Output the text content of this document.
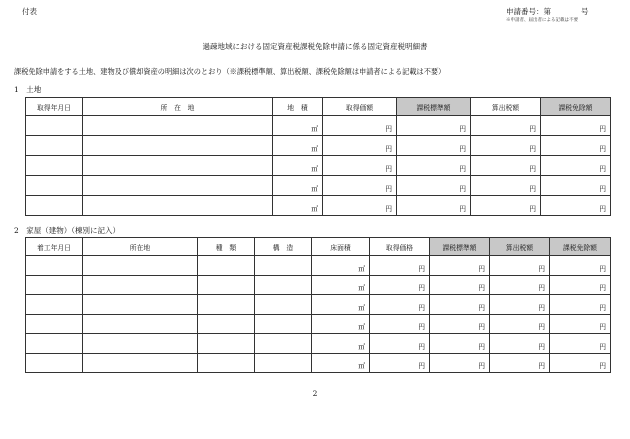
付表	申請番号：第　　　　号
※申請者、届出者による記載は不要
過疎地域における固定資産税課税免除申請に係る固定資産税明細書
課税免除申請をする土地、建物及び償却資産の明細は次のとおり（※課税標準額、算出税額、課税免除額は申請者による記載は不要）
1　土地
取得年月日	所　在　地	地　積	取得価額	課税標準額	算出税額	課税免除額
		㎡	円	円	円	円
		㎡	円	円	円	円
		㎡	円	円	円	円
		㎡	円	円	円	円
		㎡	円	円	円	円
2　家屋（建物）（棟別に記入）
着工年月日	所在地	種　類	構　造	床面積	取得価格	課税標準額	算出税額	課税免除額
				㎡	円	円	円	円
				㎡	円	円	円	円
				㎡	円	円	円	円
				㎡	円	円	円	円
				㎡	円	円	円	円
				㎡	円	円	円	円
2
